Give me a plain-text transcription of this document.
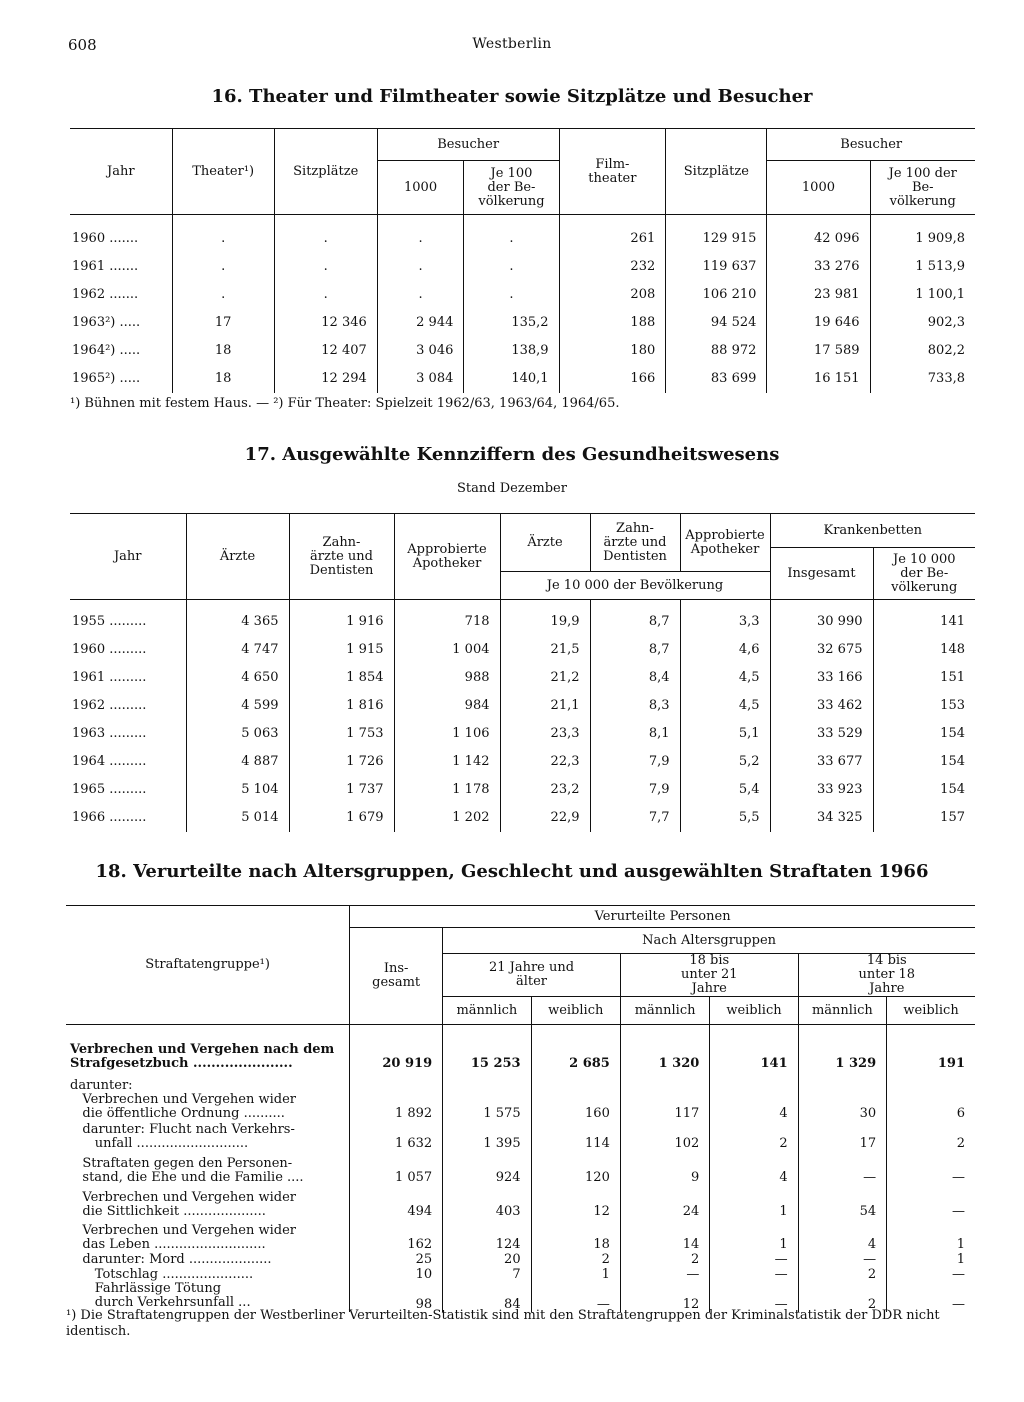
608	Westberlin
16. Theater und Filmtheater sowie Sitzplätze und Besucher
Jahr	Theater¹)	Sitzplätze	Besucher		Film- theater	Sitzplätze	Besucher	
			1000	Je 100 der Be- völkerung			1000	Je 100 der Be- völkerung

1960 .......	.	.	.	.	261	129 915	42 096	1 909,8
1961 .......	.	.	.	.	232	119 637	33 276	1 513,9
1962 .......	.	.	.	.	208	106 210	23 981	1 100,1
1963²) .....	17	12 346	2 944	135,2	188	94 524	19 646	902,3
1964²) .....	18	12 407	3 046	138,9	180	88 972	17 589	802,2
1965²) .....	18	12 294	3 084	140,1	166	83 699	16 151	733,8
¹) Bühnen mit festem Haus. — ²) Für Theater: Spielzeit 1962/63, 1963/64, 1964/65.
17. Ausgewählte Kennziffern des Gesundheitswesens
Stand Dezember
Jahr	Ärzte	Zahn- ärzte und Dentisten	Approbierte Apotheker	Ärzte	Zahn- ärzte und Dentisten	Approbierte Apotheker	Krankenbetten	
							Insgesamt	Je 10 000 der Be- völkerung
				Je 10 000 der Bevölkerung				

1955 .........	4 365	1 916	718	19,9	8,7	3,3	30 990	141
1960 .........	4 747	1 915	1 004	21,5	8,7	4,6	32 675	148
1961 .........	4 650	1 854	988	21,2	8,4	4,5	33 166	151
1962 .........	4 599	1 816	984	21,1	8,3	4,5	33 462	153
1963 .........	5 063	1 753	1 106	23,3	8,1	5,1	33 529	154
1964 .........	4 887	1 726	1 142	22,3	7,9	5,2	33 677	154
1965 .........	5 104	1 737	1 178	23,2	7,9	5,4	33 923	154
1966 .........	5 014	1 679	1 202	22,9	7,7	5,5	34 325	157
18. Verurteilte nach Altersgruppen, Geschlecht und ausgewählten Straftaten 1966
Straftatengruppe¹)	Verurteilte Personen						
	Ins- gesamt	Nach Altersgruppen					
		21 Jahre und älter		18 bis unter 21 Jahre		14 bis unter 18 Jahre	
		männlich	weiblich	männlich	weiblich	männlich	weiblich
Verbrechen und Vergehen nach dem
Strafgesetzbuch ......................	20 919	15 253	2 685	1 320	141	1 329	191
darunter:
Verbrechen und Vergehen wider
die öffentliche Ordnung ..........	1 892	1 575	160	117	4	30	6
darunter: Flucht nach Verkehrs-
unfall ...........................	1 632	1 395	114	102	2	17	2
Straftaten gegen den Personen-
stand, die Ehe und die Familie ....	1 057	924	120	9	4	—	—
Verbrechen und Vergehen wider
die Sittlichkeit ....................	494	403	12	24	1	54	—
Verbrechen und Vergehen wider
das Leben ...........................	162	124	18	14	1	4	1
darunter: Mord ....................	25	20	2	2	—	—	1
Totschlag ......................	10	7	1	—	—	2	—
Fahrlässige Tötung
durch Verkehrsunfall ...	98	84	—	12	—	2	—
¹) Die Straftatengruppen der Westberliner Verurteilten-Statistik sind mit den Straftatengruppen der Kriminalstatistik der DDR nicht identisch.
